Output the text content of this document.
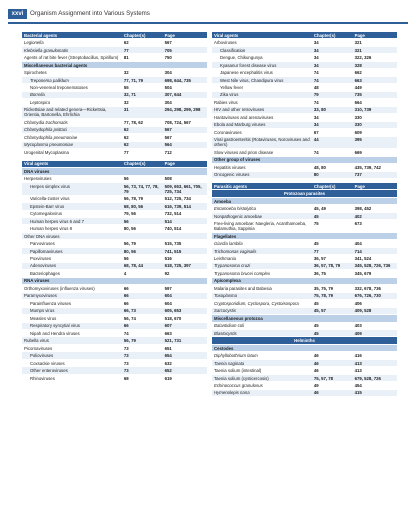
xxvi	Organism Assignment into Various Systems
Bacterial agents	Chapter(s)	Page
Legionella	62	567
Klebsiella granulomatis	77	705
Agents of rat bite fever (Streptobacillus, Spirillum)	81	750
Miscellaneous bacterial agents		
Spirochetes	32	304
Treponema pallidum	77, 71, 79	698, 644, 735
Non-venereal treponematoses	55	504
Borrelia	32, 71	307, 644
Leptospira	32	304
Rickettsiae and related genera—Rickettsia, Orientia, Bartonella, Ehrlichia	31	294, 298, 299, 298
Chlamydia trachomatis	77, 78, 62	708, 724, 567
Chlamydophila psittaci	62	567
Chlamydophila pneumoniae	62	567
Mycoplasma pneumoniae	62	564
Urogenital Mycoplasma	77	712
Viral agents	Chapter(s)	Page
DNA viruses		
Herpesviruses	56	508
Herpes simplex virus	56, 73, 74, 77, 78, 79	509, 653, 661, 705, 725, 734
Varicella-zoster virus	56, 78, 79	512, 725, 734
Epstein-Barr virus	68, 80, 56	616, 739, 514
Cytomegalovirus	79, 56	732, 514
Human herpes virus 6 and 7	56	514
Human herpes virus 8	80, 56	740, 514
Other DNA viruses		
Parvoviruses	56, 79	515, 735
Papillomaviruses	80, 56	741, 515
Poxviruses	56	516
Adenoviruses	68, 78, 44	618, 725, 397
Bacteriophages	4	92
RNA viruses		
Orthomyxoviruses (influenza viruses)	66	597
Paramyxoviruses	66	604
Parainfluenza viruses	66	604
Mumps virus	66, 73	605, 653
Measles virus	56, 74	518, 670
Respiratory syncytial virus	66	607
Nipah and Hendra viruses	74	663
Rubella virus	56, 79	521, 731
Picornaviruses	73	651
Polioviruses	73	654
Coxsackie viruses	73	632
Other enteroviruses	73	652
Rhinoviruses	68	619
Viral agents	Chapter(s)	Page
Arboviruses	34	321
Classification	34	321
Dengue, Chikungunya	34	322, 326
Kyasanur forest disease virus	34	328
Japanese encephalitis virus	74	662
West Nile virus, Chandipura virus	74	663
Yellow fever	48	449
Zika virus	79	735
Rabies virus	74	664
HIV and other retroviruses	33, 80	310, 739
Hantaviruses and arenaviruses	34	330
Ebola and Marburg viruses	34	330
Coronaviruses	67	609
Viral gastroenteritis (Rotaviruses, Noroviruses and others)	44	395
Slow viruses and prion disease	74	669
Other group of viruses		
Hepatitis viruses	48, 80	435, 739, 742
Oncogenic viruses	80	737
Parasitic agents	Chapter(s)	Page
Protozoan parasites		
Amoeba		
Entamoeba histolytica	45, 49	398, 452
Nonpathogenic amoebae	45	402
Free-living amoebae: Naegleria, Acanthamoeba, Balamuthia, Sappinia	75	673
Flagellates		
Giardia lamblia	45	404
Trichomonas vaginalis	77	714
Leishmania	36, 57	341, 524
Trypanosoma cruzi	36, 57, 78, 79	345, 528, 726, 736
Trypanosoma brucei complex	36, 75	345, 679
Apicomplexa		
Malaria parasites and Babesia	35, 75, 79	332, 678, 736
Toxoplasma	75, 78, 79	676, 726, 730
Cryptosporidium, Cyclospora, Cystoisospora	45	406
Sarcocystis	45, 57	409, 528
Miscellaneous protozoa		
Balantidium coli	45	403
Blastocystis	45	409
Helminths		
Cestodes		
Diphyllobothrium latum	46	416
Taenia saginata	46	413
Taenia solium (intestinal)	46	413
Taenia solium (cysticercosis)	75, 57, 78	679, 528, 726
Echinococcus granulosus	49	454
Hymenolepis nana	46	415
